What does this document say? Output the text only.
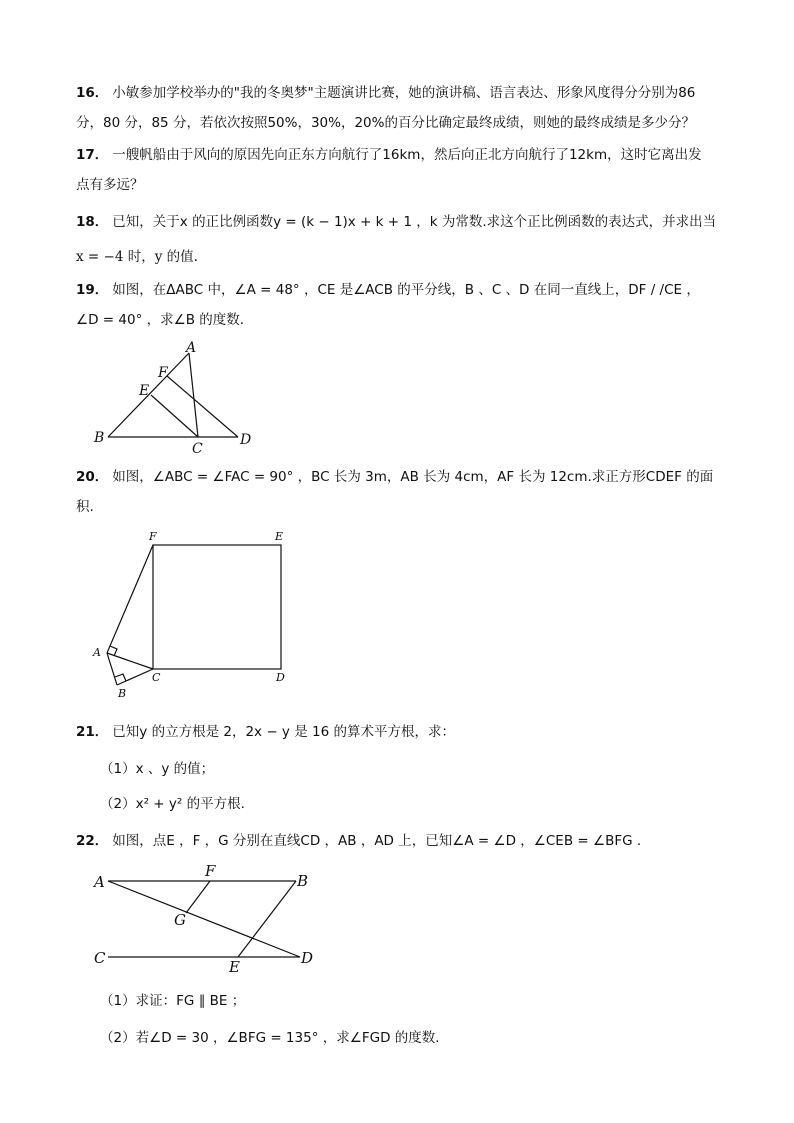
16． 小敏参加学校举办的"我的冬奥梦"主题演讲比赛，她的演讲稿、语言表达、形象风度得分分别为86
分，80 分，85 分，若依次按照50%，30%，20%的百分比确定最终成绩，则她的最终成绩是多少分？
17． 一艘帆船由于风向的原因先向正东方向航行了16km，然后向正北方向航行了12km，这时它离出发
点有多远？
18． 已知，关于x 的正比例函数y = (k − 1)x + k + 1 ，k 为常数.求这个正比例函数的表达式，并求出当
x = −4 时，y 的值.
19． 如图，在ΔABC 中，∠A = 48° ，CE 是∠ACB 的平分线，B 、C 、D 在同一直线上，DF / /CE ，
∠D = 40° ，求∠B 的度数.
A
F
E
B
C
D
20． 如图，∠ABC = ∠FAC = 90° ，BC 长为 3m，AB 长为 4cm，AF 长为 12cm.求正方形CDEF 的面
积.
F	E
A
C	D
B
21． 已知y 的立方根是 2，2x − y 是 16 的算术平方根，求：
（1）x 、y 的值；
（2）x² + y² 的平方根.
22． 如图，点E ，F ，G 分别在直线CD ，AB ，AD 上，已知∠A = ∠D ，∠CEB = ∠BFG .
A
F
B
G
C	E	D
（1）求证：FG ∥ BE ；
（2）若∠D = 30 ，∠BFG = 135° ，求∠FGD 的度数.
